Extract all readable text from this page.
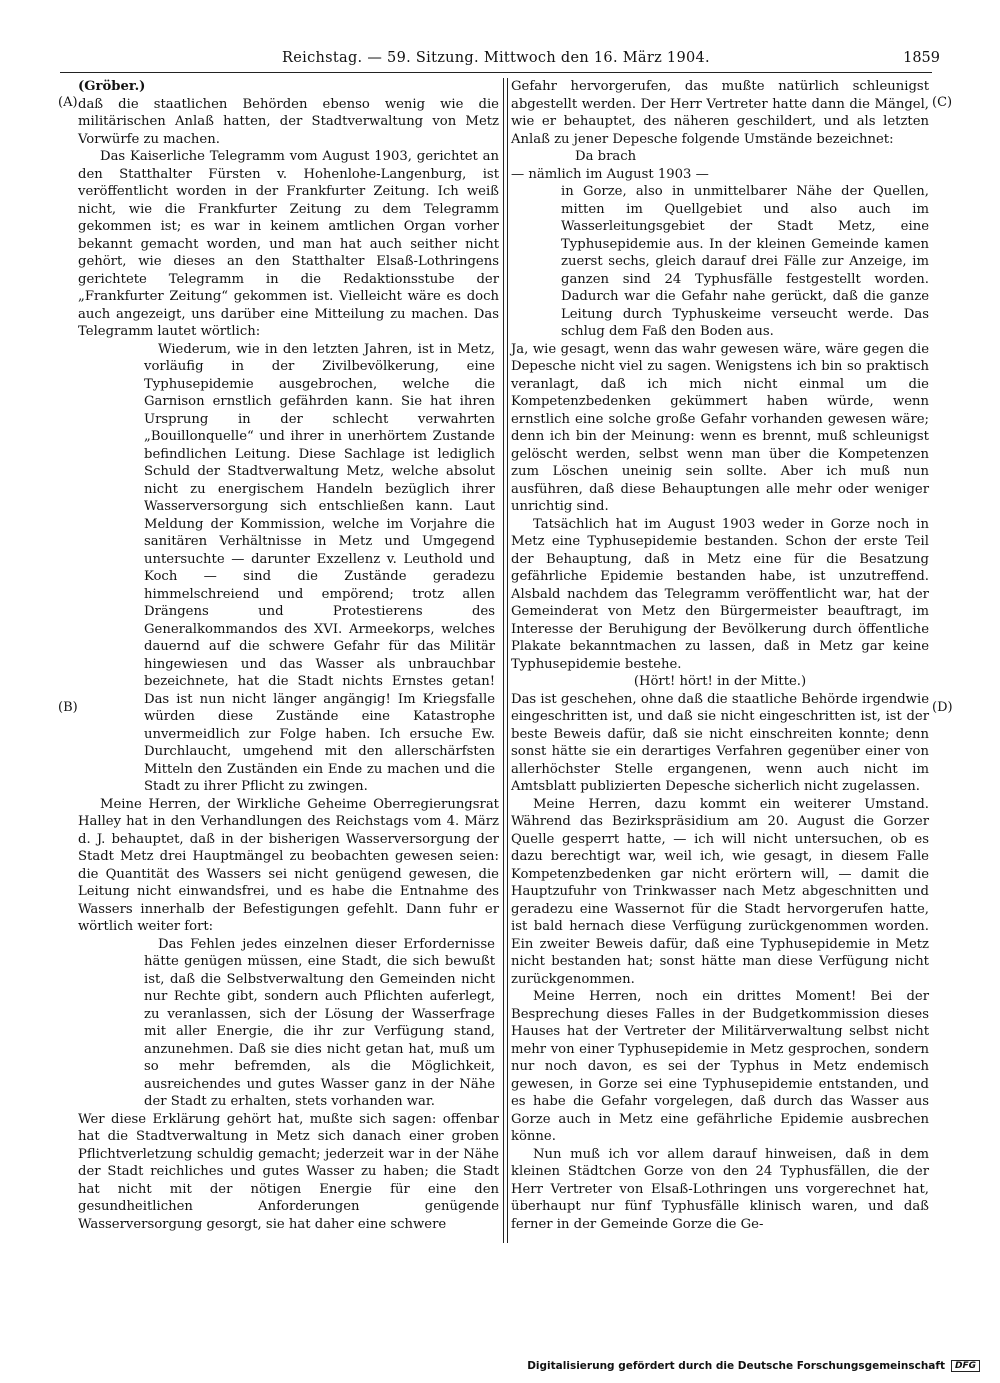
Reichstag. — 59. Sitzung. Mittwoch den 16. März 1904.	1859
(A)
(B)
(C)
(D)

(Gröber.)

daß die staatlichen Behörden ebenso wenig wie die militärischen Anlaß hatten, der Stadtverwaltung von Metz Vorwürfe zu machen.

Das Kaiserliche Telegramm vom August 1903, gerichtet an den Statthalter Fürsten v. Hohenlohe-Langenburg, ist veröffentlicht worden in der Frankfurter Zeitung. Ich weiß nicht, wie die Frankfurter Zeitung zu dem Telegramm gekommen ist; es war in keinem amtlichen Organ vorher bekannt gemacht worden, und man hat auch seither nicht gehört, wie dieses an den Statthalter Elsaß-Lothringens gerichtete Telegramm in die Redaktionsstube der „Frankfurter Zeitung“ gekommen ist. Vielleicht wäre es doch auch angezeigt, uns darüber eine Mitteilung zu machen. Das Telegramm lautet wörtlich:

Wiederum, wie in den letzten Jahren, ist in Metz, vorläufig in der Zivilbevölkerung, eine Typhusepidemie ausgebrochen, welche die Garnison ernstlich gefährden kann. Sie hat ihren Ursprung in der schlecht verwahrten „Bouillonquelle“ und ihrer in unerhörtem Zustande befindlichen Leitung. Diese Sachlage ist lediglich Schuld der Stadtverwaltung Metz, welche absolut nicht zu energischem Handeln bezüglich ihrer Wasserversorgung sich entschließen kann. Laut Meldung der Kommission, welche im Vorjahre die sanitären Verhältnisse in Metz und Umgegend untersuchte — darunter Exzellenz v. Leuthold und Koch — sind die Zustände geradezu himmelschreiend und empörend; trotz allen Drängens und Protestierens des Generalkommandos des XVI. Armeekorps, welches dauernd auf die schwere Gefahr für das Militär hingewiesen und das Wasser als unbrauchbar bezeichnete, hat die Stadt nichts Ernstes getan! Das ist nun nicht länger angängig! Im Kriegsfalle würden diese Zustände eine Katastrophe unvermeidlich zur Folge haben. Ich ersuche Ew. Durchlaucht, umgehend mit den allerschärfsten Mitteln den Zuständen ein Ende zu machen und die Stadt zu ihrer Pflicht zu zwingen.

Meine Herren, der Wirkliche Geheime Oberregierungsrat Halley hat in den Verhandlungen des Reichstags vom 4. März d. J. behauptet, daß in der bisherigen Wasserversorgung der Stadt Metz drei Hauptmängel zu beobachten gewesen seien: die Quantität des Wassers sei nicht genügend gewesen, die Leitung nicht einwandsfrei, und es habe die Entnahme des Wassers innerhalb der Befestigungen gefehlt. Dann fuhr er wörtlich weiter fort:

Das Fehlen jedes einzelnen dieser Erfordernisse hätte genügen müssen, eine Stadt, die sich bewußt ist, daß die Selbstverwaltung den Gemeinden nicht nur Rechte gibt, sondern auch Pflichten auferlegt, zu veranlassen, sich der Lösung der Wasserfrage mit aller Energie, die ihr zur Verfügung stand, anzunehmen. Daß sie dies nicht getan hat, muß um so mehr befremden, als die Möglichkeit, ausreichendes und gutes Wasser ganz in der Nähe der Stadt zu erhalten, stets vorhanden war.

Wer diese Erklärung gehört hat, mußte sich sagen: offenbar hat die Stadtverwaltung in Metz sich danach einer groben Pflichtverletzung schuldig gemacht; jederzeit war in der Nähe der Stadt reichliches und gutes Wasser zu haben; die Stadt hat nicht mit der nötigen Energie für eine den gesundheitlichen Anforderungen genügende Wasserversorgung gesorgt, sie hat daher eine schwere

Gefahr hervorgerufen, das mußte natürlich schleunigst abgestellt werden. Der Herr Vertreter hatte dann die Mängel, wie er behauptet, des näheren geschildert, und als letzten Anlaß zu jener Depesche folgende Umstände bezeichnet:

Da brach

— nämlich im August 1903 —

in Gorze, also in unmittelbarer Nähe der Quellen, mitten im Quellgebiet und also auch im Wasserleitungsgebiet der Stadt Metz, eine Typhusepidemie aus. In der kleinen Gemeinde kamen zuerst sechs, gleich darauf drei Fälle zur Anzeige, im ganzen sind 24 Typhusfälle festgestellt worden. Dadurch war die Gefahr nahe gerückt, daß die ganze Leitung durch Typhuskeime verseucht werde. Das schlug dem Faß den Boden aus.

Ja, wie gesagt, wenn das wahr gewesen wäre, wäre gegen die Depesche nicht viel zu sagen. Wenigstens ich bin so praktisch veranlagt, daß ich mich nicht einmal um die Kompetenzbedenken gekümmert haben würde, wenn ernstlich eine solche große Gefahr vorhanden gewesen wäre; denn ich bin der Meinung: wenn es brennt, muß schleunigst gelöscht werden, selbst wenn man über die Kompetenzen zum Löschen uneinig sein sollte. Aber ich muß nun ausführen, daß diese Behauptungen alle mehr oder weniger unrichtig sind.

Tatsächlich hat im August 1903 weder in Gorze noch in Metz eine Typhusepidemie bestanden. Schon der erste Teil der Behauptung, daß in Metz eine für die Besatzung gefährliche Epidemie bestanden habe, ist unzutreffend. Alsbald nachdem das Telegramm veröffentlicht war, hat der Gemeinderat von Metz den Bürgermeister beauftragt, im Interesse der Beruhigung der Bevölkerung durch öffentliche Plakate bekanntmachen zu lassen, daß in Metz gar keine Typhusepidemie bestehe.

(Hört! hört! in der Mitte.)

Das ist geschehen, ohne daß die staatliche Behörde irgendwie eingeschritten ist, und daß sie nicht eingeschritten ist, ist der beste Beweis dafür, daß sie nicht einschreiten konnte; denn sonst hätte sie ein derartiges Verfahren gegenüber einer von allerhöchster Stelle ergangenen, wenn auch nicht im Amtsblatt publizierten Depesche sicherlich nicht zugelassen.

Meine Herren, dazu kommt ein weiterer Umstand. Während das Bezirkspräsidium am 20. August die Gorzer Quelle gesperrt hatte, — ich will nicht untersuchen, ob es dazu berechtigt war, weil ich, wie gesagt, in diesem Falle Kompetenzbedenken gar nicht erörtern will, — damit die Hauptzufuhr von Trinkwasser nach Metz abgeschnitten und geradezu eine Wassernot für die Stadt hervorgerufen hatte, ist bald hernach diese Verfügung zurückgenommen worden. Ein zweiter Beweis dafür, daß eine Typhusepidemie in Metz nicht bestanden hat; sonst hätte man diese Verfügung nicht zurückgenommen.

Meine Herren, noch ein drittes Moment! Bei der Besprechung dieses Falles in der Budgetkommission dieses Hauses hat der Vertreter der Militärverwaltung selbst nicht mehr von einer Typhusepidemie in Metz gesprochen, sondern nur noch davon, es sei der Typhus in Metz endemisch gewesen, in Gorze sei eine Typhusepidemie entstanden, und es habe die Gefahr vorgelegen, daß durch das Wasser aus Gorze auch in Metz eine gefährliche Epidemie ausbrechen könne.

Nun muß ich vor allem darauf hinweisen, daß in dem kleinen Städtchen Gorze von den 24 Typhusfällen, die der Herr Vertreter von Elsaß-Lothringen uns vorgerechnet hat, überhaupt nur fünf Typhusfälle klinisch waren, und daß ferner in der Gemeinde Gorze die Ge-

Digitalisierung gefördert durch die Deutsche Forschungsgemeinschaft	DFG
